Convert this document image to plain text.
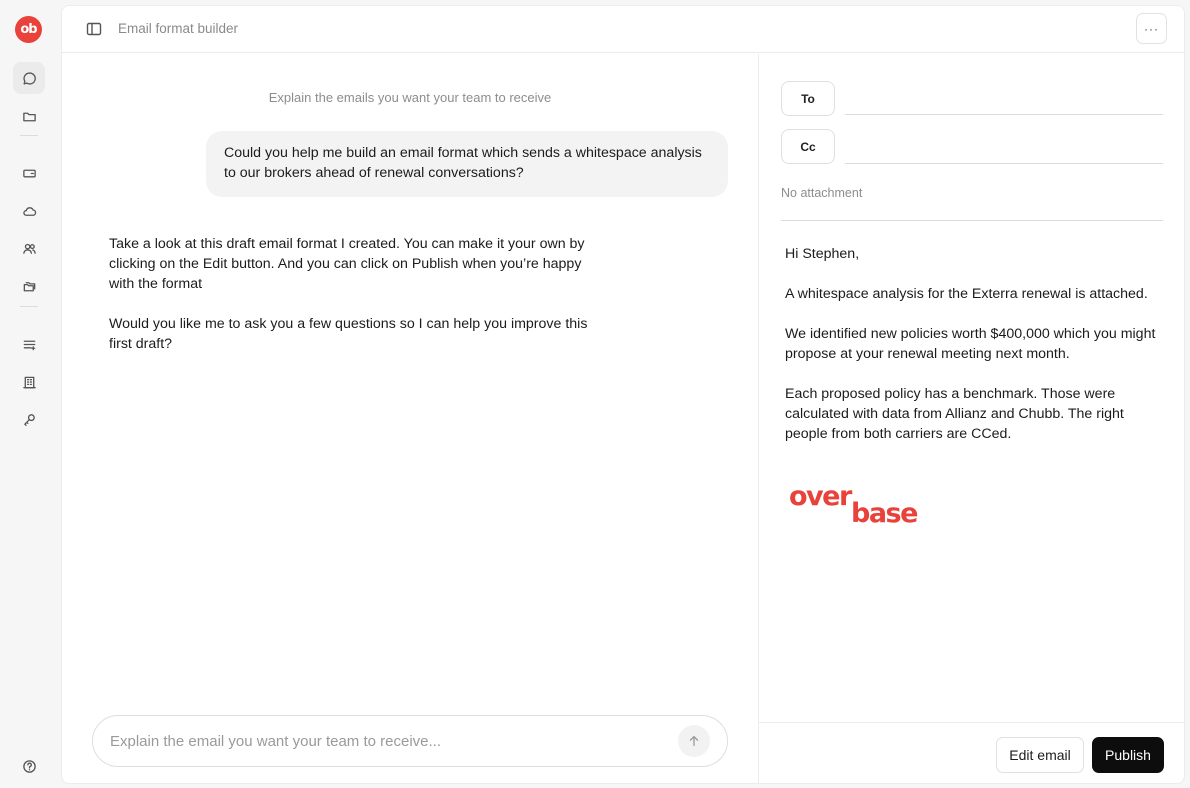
ob	Email format builder	···
Explain the emails you want your team to receive
Could you help me build an email format which sends a whitespace analysis to our brokers ahead of renewal conversations?

Take a look at this draft email format I created. You can make it your own by clicking on the Edit button. And you can click on Publish when you’re happy with the format

Would you like me to ask you a few questions so I can help you improve this first draft?

Explain the email you want your team to receive...
To
Cc
No attachment

Hi Stephen,

A whitespace analysis for the Exterra renewal is attached.

We identified new policies worth $400,000 which you might propose at your renewal meeting next month.

Each proposed policy has a benchmark. Those were calculated with data from Allianz and Chubb. The right people from both carriers are CCed.

over
base
Edit email	Publish
